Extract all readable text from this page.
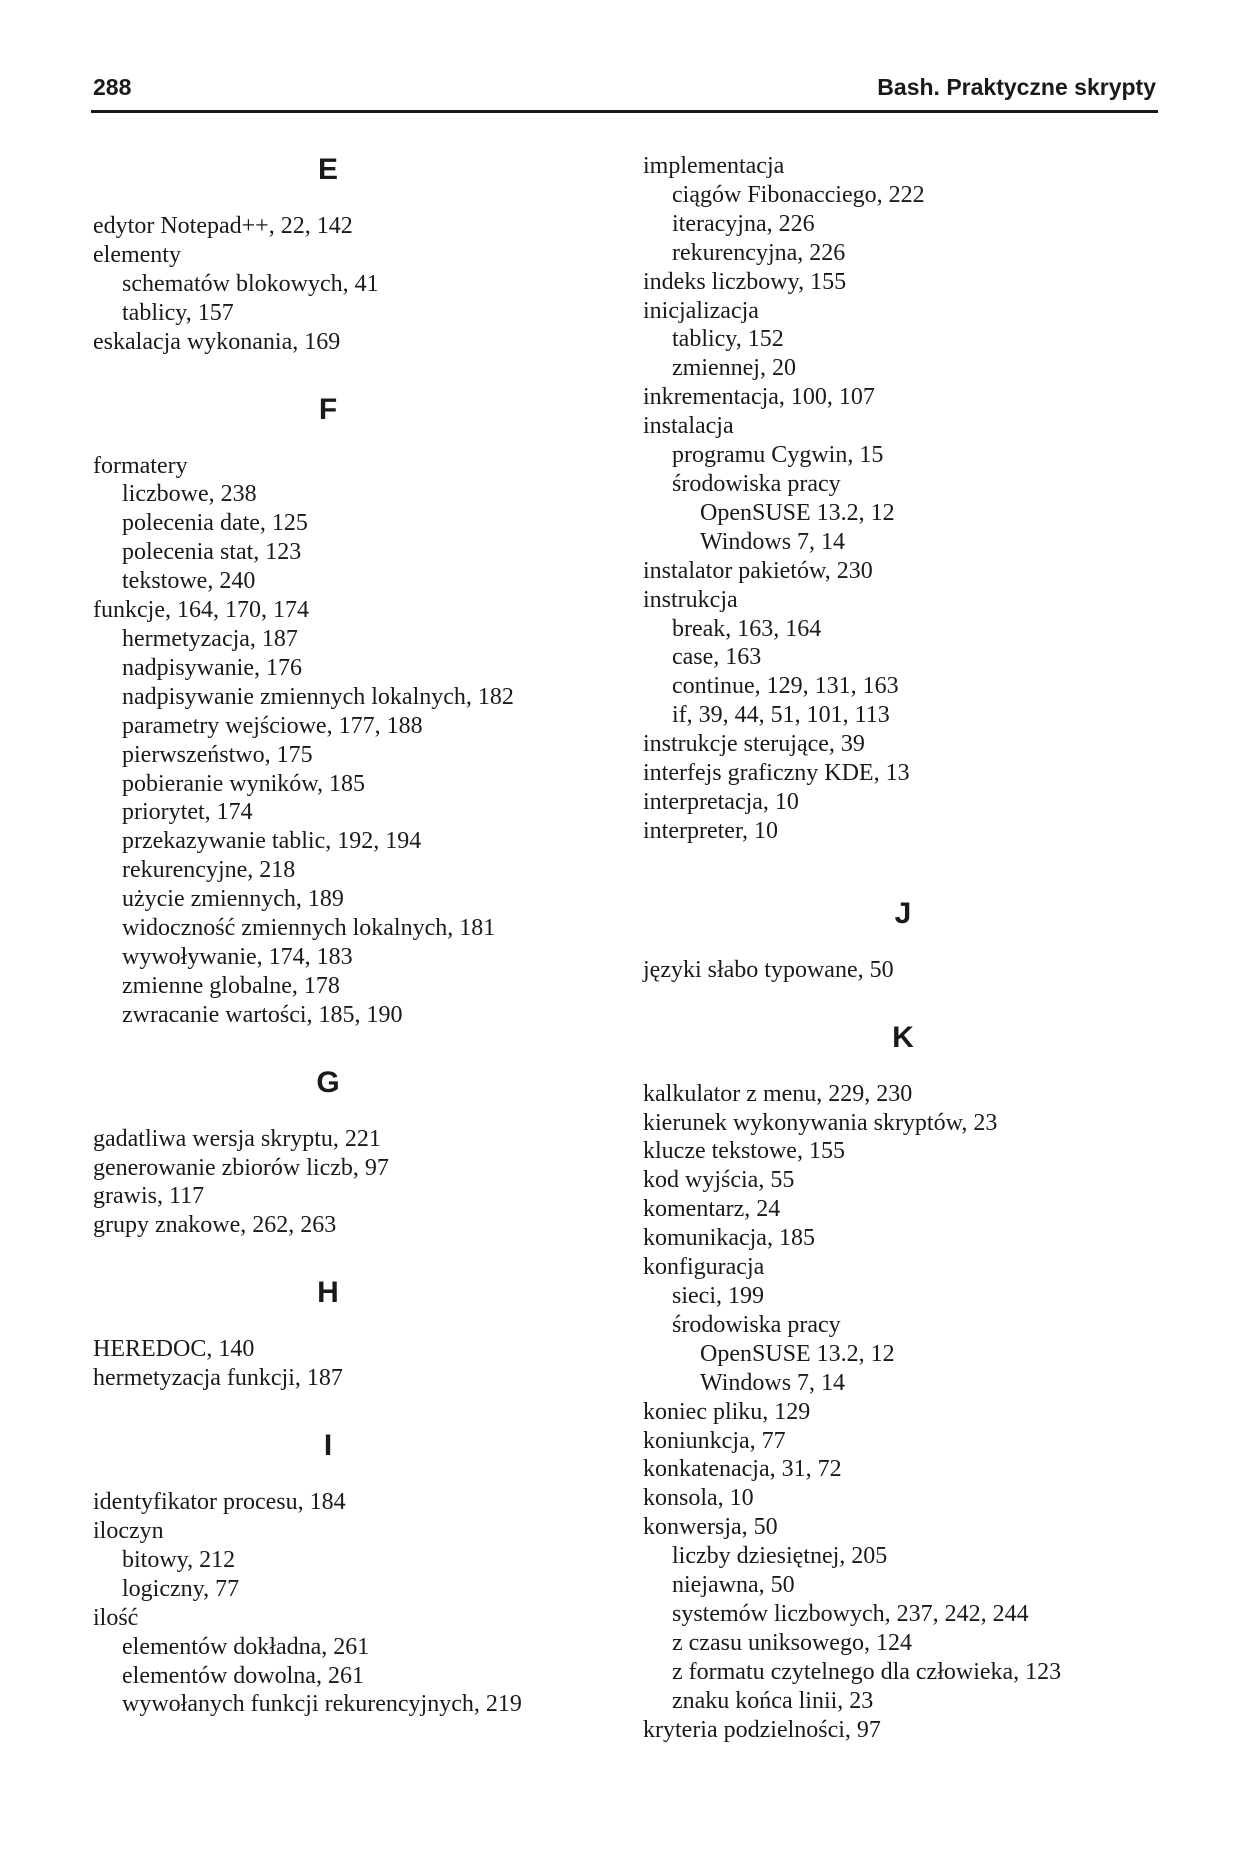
288	Bash. Praktyczne skrypty
E
edytor Notepad++, 22, 142
elementy
schematów blokowych, 41
tablicy, 157
eskalacja wykonania, 169
F
formatery
liczbowe, 238
polecenia date, 125
polecenia stat, 123
tekstowe, 240
funkcje, 164, 170, 174
hermetyzacja, 187
nadpisywanie, 176
nadpisywanie zmiennych lokalnych, 182
parametry wejściowe, 177, 188
pierwszeństwo, 175
pobieranie wyników, 185
priorytet, 174
przekazywanie tablic, 192, 194
rekurencyjne, 218
użycie zmiennych, 189
widoczność zmiennych lokalnych, 181
wywoływanie, 174, 183
zmienne globalne, 178
zwracanie wartości, 185, 190
G
gadatliwa wersja skryptu, 221
generowanie zbiorów liczb, 97
grawis, 117
grupy znakowe, 262, 263
H
HEREDOC, 140
hermetyzacja funkcji, 187
I
identyfikator procesu, 184
iloczyn
bitowy, 212
logiczny, 77
ilość
elementów dokładna, 261
elementów dowolna, 261
wywołanych funkcji rekurencyjnych, 219
implementacja
ciągów Fibonacciego, 222
iteracyjna, 226
rekurencyjna, 226
indeks liczbowy, 155
inicjalizacja
tablicy, 152
zmiennej, 20
inkrementacja, 100, 107
instalacja
programu Cygwin, 15
środowiska pracy
OpenSUSE 13.2, 12
Windows 7, 14
instalator pakietów, 230
instrukcja
break, 163, 164
case, 163
continue, 129, 131, 163
if, 39, 44, 51, 101, 113
instrukcje sterujące, 39
interfejs graficzny KDE, 13
interpretacja, 10
interpreter, 10
J
języki słabo typowane, 50
K
kalkulator z menu, 229, 230
kierunek wykonywania skryptów, 23
klucze tekstowe, 155
kod wyjścia, 55
komentarz, 24
komunikacja, 185
konfiguracja
sieci, 199
środowiska pracy
OpenSUSE 13.2, 12
Windows 7, 14
koniec pliku, 129
koniunkcja, 77
konkatenacja, 31, 72
konsola, 10
konwersja, 50
liczby dziesiętnej, 205
niejawna, 50
systemów liczbowych, 237, 242, 244
z czasu uniksowego, 124
z formatu czytelnego dla człowieka, 123
znaku końca linii, 23
kryteria podzielności, 97
